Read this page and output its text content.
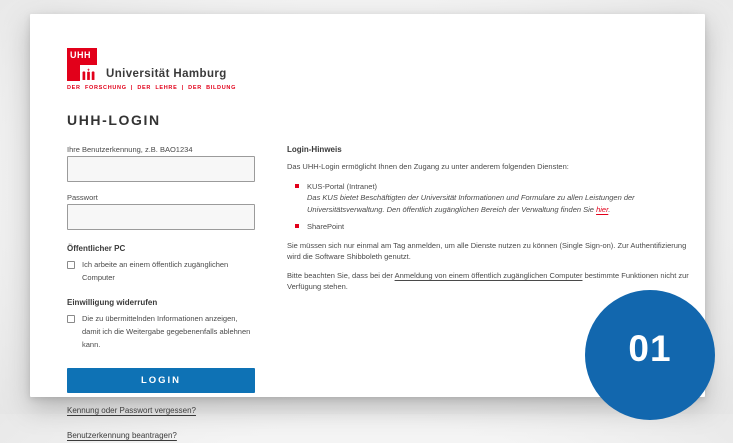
UHH
Universität Hamburg
DER FORSCHUNG | DER LEHRE | DER BILDUNG
UHH-LOGIN
Ihre Benutzerkennung, z.B. BAO1234
Passwort
Öffentlicher PC
Ich arbeite an einem öffentlich zugänglichen Computer
Einwilligung widerrufen
Die zu übermittelnden Informationen anzeigen, damit ich die Weitergabe gegebenenfalls ablehnen kann.
LOGIN
Kennung oder Passwort vergessen?
Benutzerkennung beantragen?
Login-Hinweis
Das UHH-Login ermöglicht Ihnen den Zugang zu unter anderem folgenden Diensten:
KUS-Portal (Intranet)
Das KUS bietet Beschäftigten der Universität Informationen und Formulare zu allen Leistungen der Universitätsverwaltung. Den öffentlich zugänglichen Bereich der Verwaltung finden Sie hier.
SharePoint
Sie müssen sich nur einmal am Tag anmelden, um alle Dienste nutzen zu können (Single Sign-on). Zur Authentifizierung wird die Software Shibboleth genutzt.
Bitte beachten Sie, dass bei der Anmeldung von einem öffentlich zugänglichen Computer bestimmte Funktionen nicht zur Verfügung stehen.
01
